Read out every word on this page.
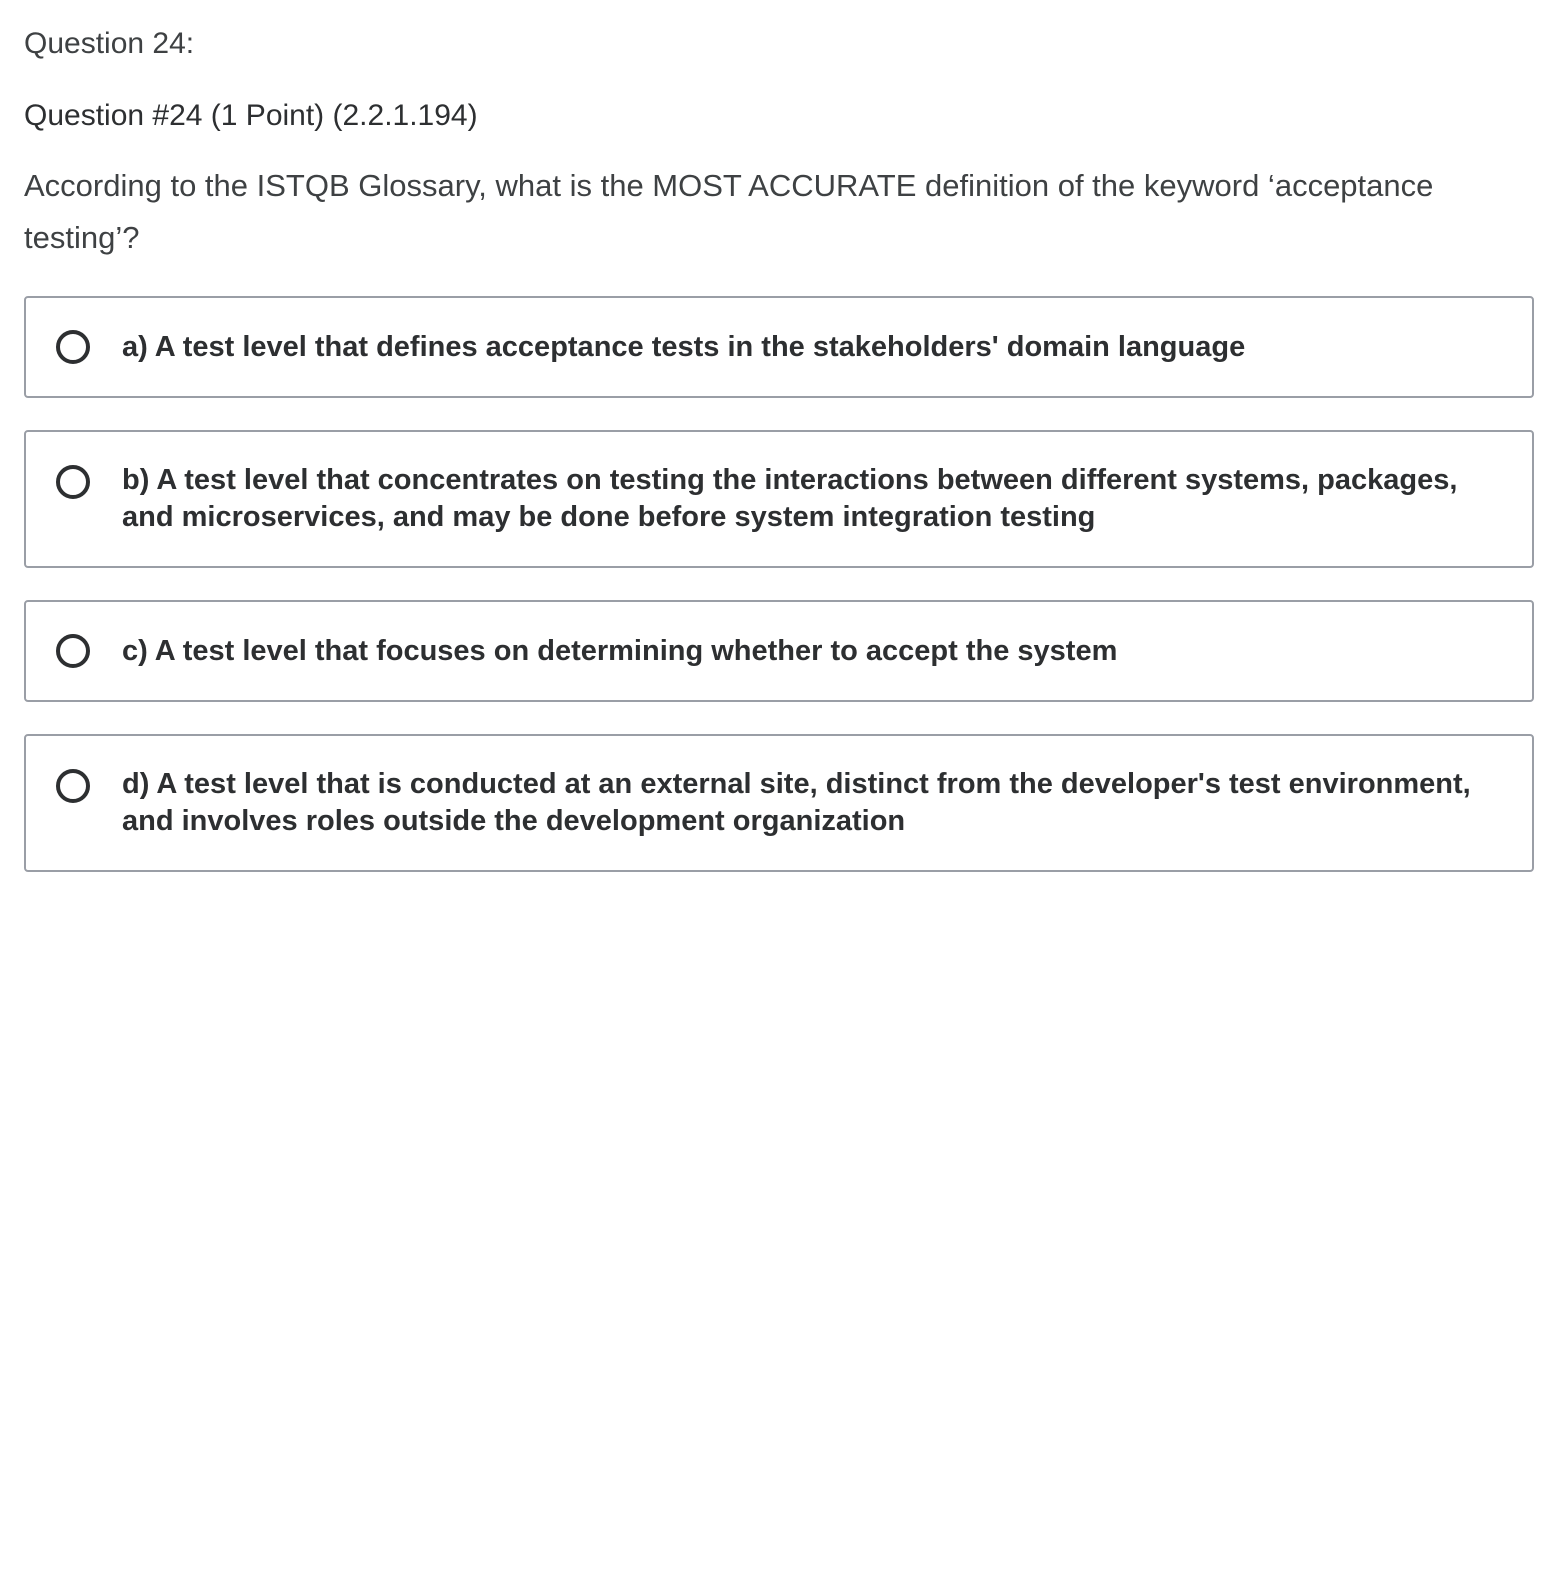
Question 24:

Question #24 (1 Point) (2.2.1.194)

According to the ISTQB Glossary, what is the MOST ACCURATE definition of the keyword ‘acceptance testing’?

a) A test level that defines acceptance tests in the stakeholders' domain language
b) A test level that concentrates on testing the interactions between different systems, packages, and microservices, and may be done before system integration testing
c) A test level that focuses on determining whether to accept the system
d) A test level that is conducted at an external site, distinct from the developer's test environment, and involves roles outside the development organization
